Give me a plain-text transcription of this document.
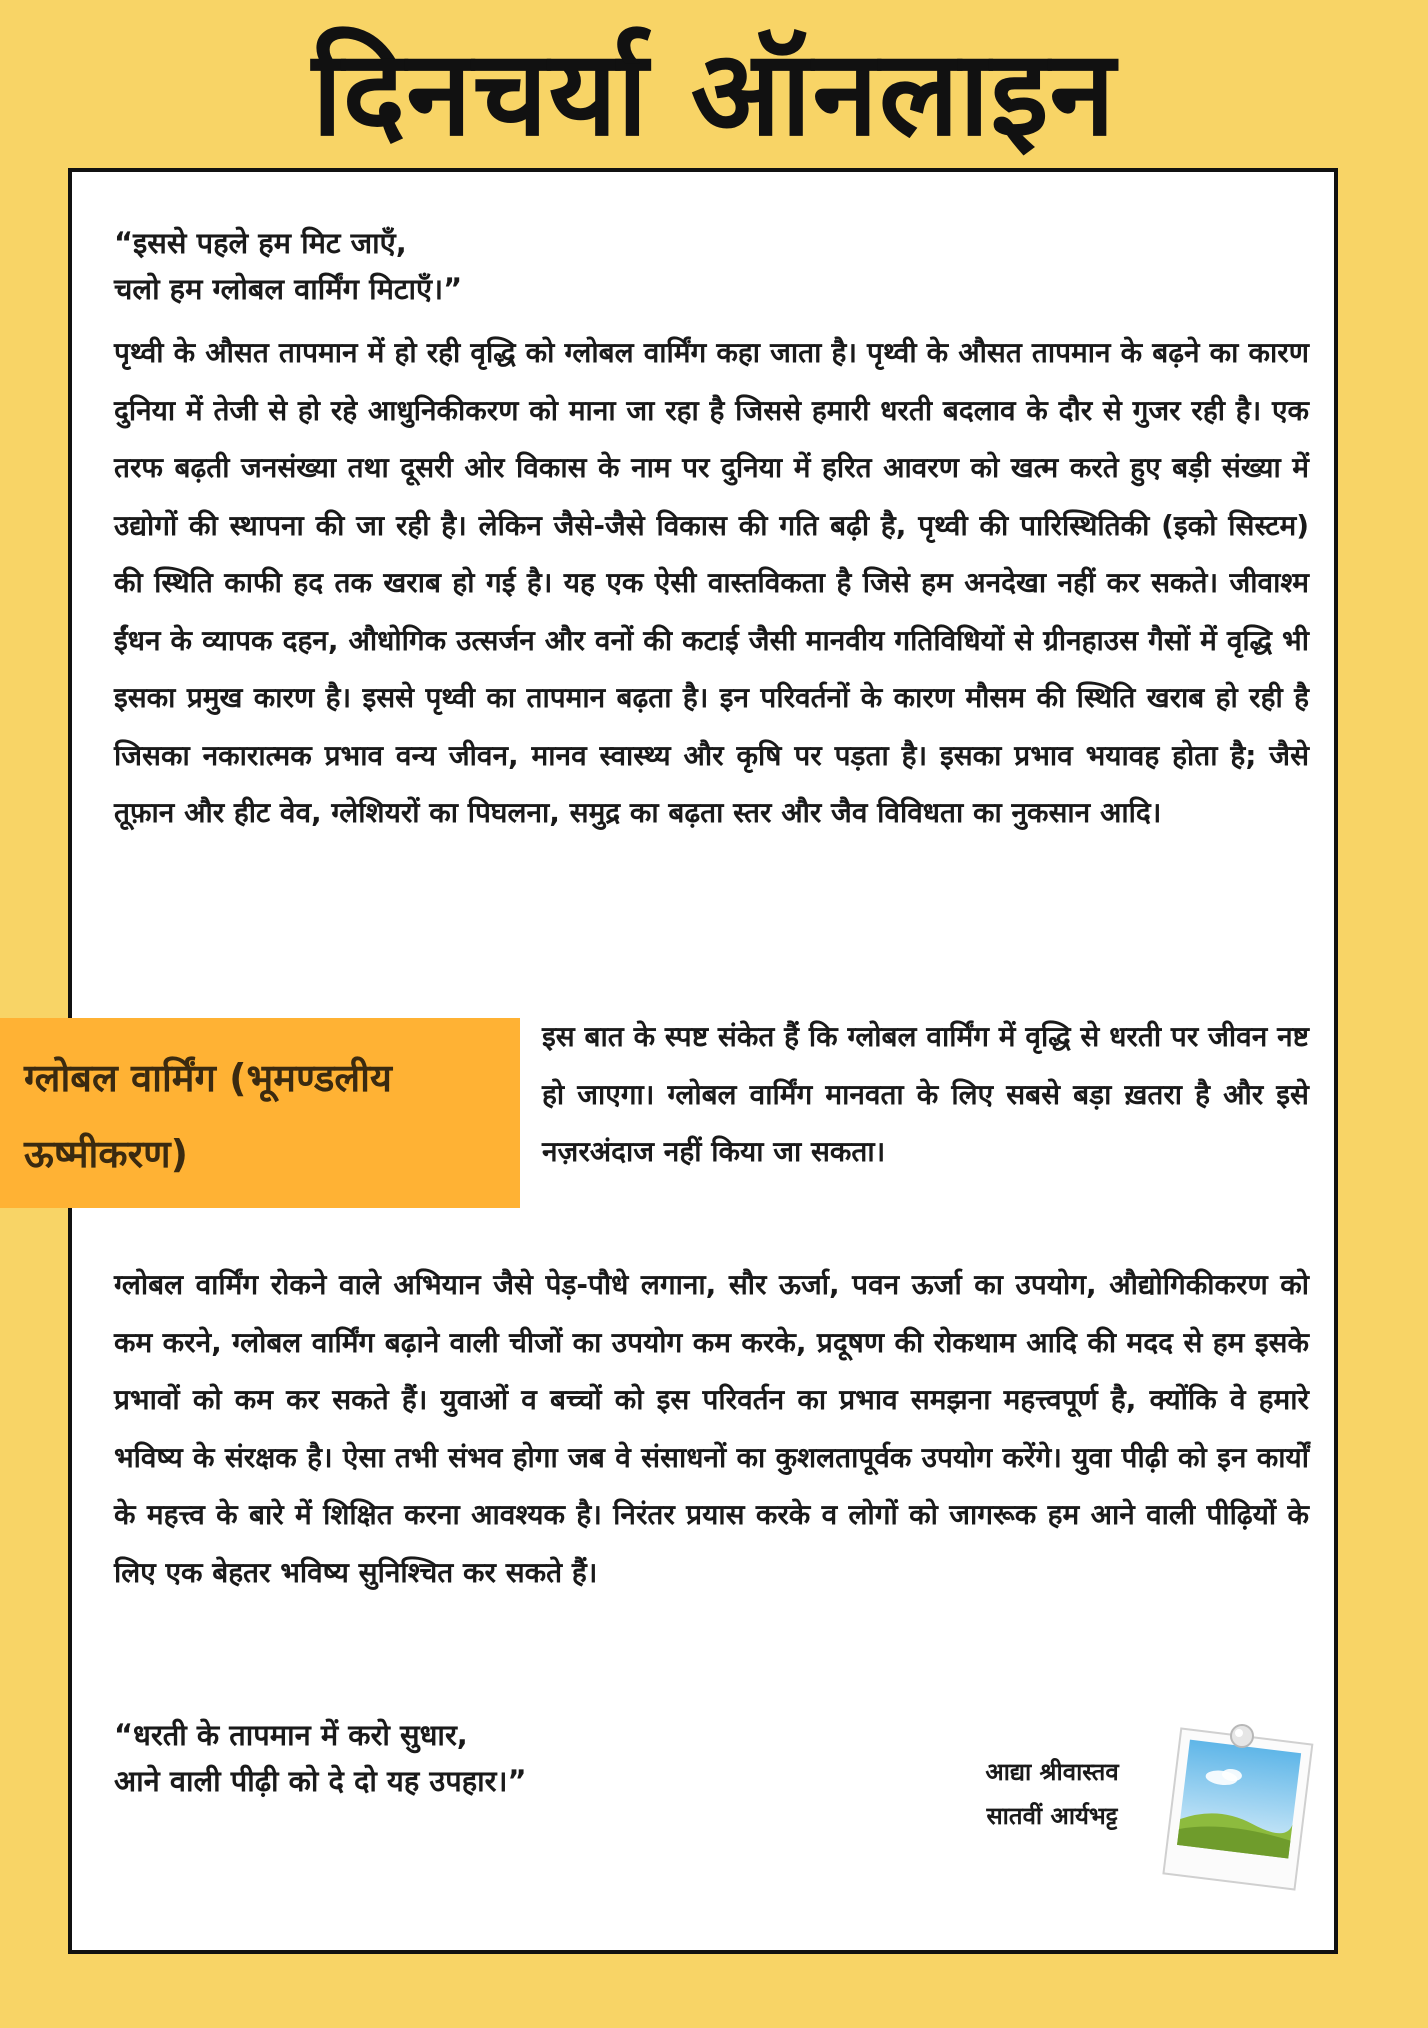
दिनचर्या ऑनलाइन
“इससे पहले हम मिट जाएँ,
चलो हम ग्लोबल वार्मिंग मिटाएँ।”

पृथ्वी के औसत तापमान में हो रही वृद्धि को ग्लोबल वार्मिंग कहा जाता है। पृथ्वी के औसत तापमान के बढ़ने का कारण दुनिया में तेजी से हो रहे आधुनिकीकरण को माना जा रहा है जिससे हमारी धरती बदलाव के दौर से गुजर रही है। एक तरफ बढ़ती जनसंख्या तथा दूसरी ओर विकास के नाम पर दुनिया में हरित आवरण को खत्म करते हुए बड़ी संख्या में उद्योगों की स्थापना की जा रही है। लेकिन जैसे-जैसे विकास की गति बढ़ी है, पृथ्वी की पारिस्थितिकी (इको सिस्टम) की स्थिति काफी हद तक खराब हो गई है। यह एक ऐसी वास्तविकता है जिसे हम अनदेखा नहीं कर सकते। जीवाश्म ईंधन के व्यापक दहन, औधोगिक उत्सर्जन और वनों की कटाई जैसी मानवीय गतिविधियों से ग्रीनहाउस गैसों में वृद्धि भी इसका प्रमुख कारण है। इससे पृथ्वी का तापमान बढ़ता है। इन परिवर्तनों के कारण मौसम की स्थिति खराब हो रही है जिसका नकारात्मक प्रभाव वन्य जीवन, मानव स्वास्थ्य और कृषि पर पड़ता है। इसका प्रभाव भयावह होता है; जैसे तूफ़ान और हीट वेव, ग्लेशियरों का पिघलना, समुद्र का बढ़ता स्तर और जैव विविधता का नुकसान आदि।

इस बात के स्पष्ट संकेत हैं कि ग्लोबल वार्मिंग में वृद्धि से धरती पर जीवन नष्ट हो जाएगा। ग्लोबल वार्मिंग मानवता के लिए सबसे बड़ा ख़तरा है और इसे नज़रअंदाज नहीं किया जा सकता।

ग्लोबल वार्मिंग रोकने वाले अभियान जैसे पेड़-पौधे लगाना, सौर ऊर्जा, पवन ऊर्जा का उपयोग, औद्योगिकीकरण को कम करने, ग्लोबल वार्मिंग बढ़ाने वाली चीजों का उपयोग कम करके, प्रदूषण की रोकथाम आदि की मदद से हम इसके प्रभावों को कम कर सकते हैं। युवाओं व बच्चों को इस परिवर्तन का प्रभाव समझना महत्त्वपूर्ण है, क्योंकि वे हमारे भविष्य के संरक्षक है। ऐसा तभी संभव होगा जब वे संसाधनों का कुशलतापूर्वक उपयोग करेंगे। युवा पीढ़ी को इन कार्यों के महत्त्व के बारे में शिक्षित करना आवश्यक है। निरंतर प्रयास करके व लोगों को जागरूक हम आने वाली पीढ़ियों के लिए एक बेहतर भविष्य सुनिश्चित कर सकते हैं।

“धरती के तापमान में करो सुधार,
आने वाली पीढ़ी को दे दो यह उपहार।”
ग्लोबल वार्मिंग (भूमण्डलीय ऊष्मीकरण)
आद्या श्रीवास्तव
सातवीं आर्यभट्ट
